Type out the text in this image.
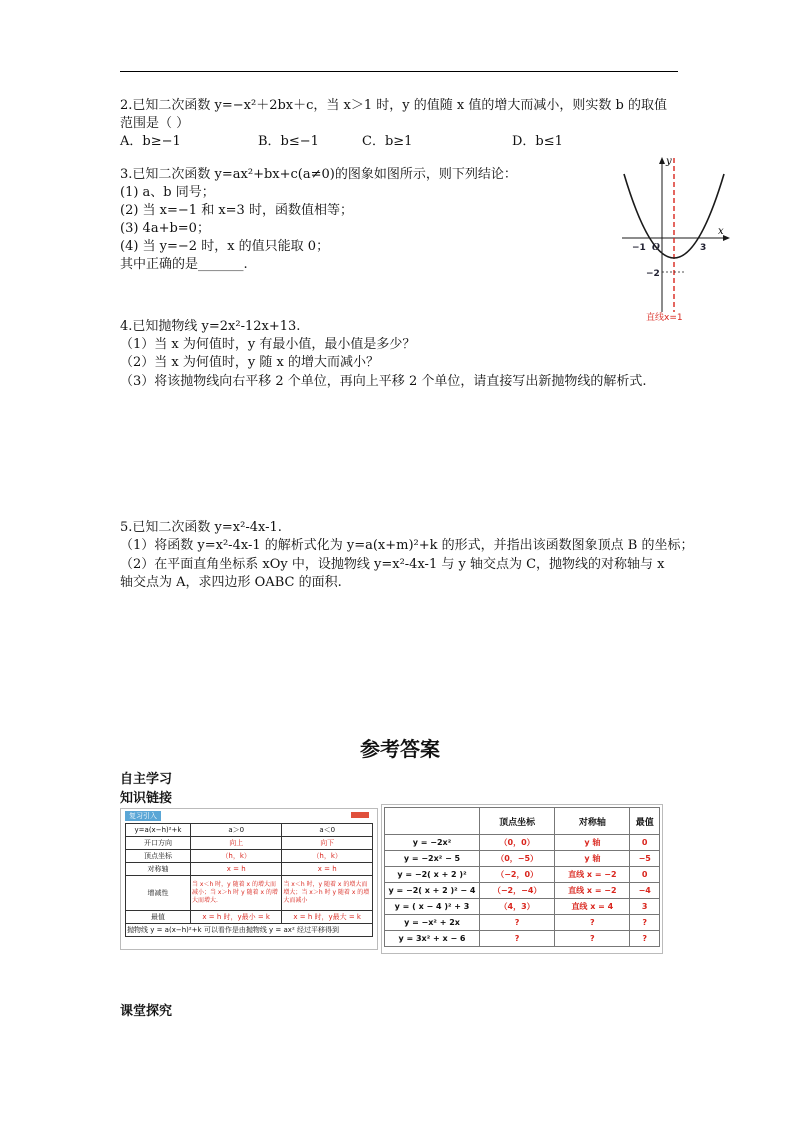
2.已知二次函数 y=−x²＋2bx＋c，当 x＞1 时，y 的值随 x 值的增大而减小，则实数 b 的取值
范围是（ ）
A．b≥−1	B．b≤−1	C．b≥1	D．b≤1
3.已知二次函数 y=ax²+bx+c(a≠0)的图象如图所示，则下列结论：
(1) a、b 同号；
(2) 当 x=−1 和 x=3 时，函数值相等；
(3) 4a+b=0；
(4) 当 y=−2 时，x 的值只能取 0；
其中正确的是_______.
x
y
O
−1	3
−2
直线x=1
4.已知抛物线 y=2x²-12x+13.
（1）当 x 为何值时，y 有最小值，最小值是多少？
（2）当 x 为何值时，y 随 x 的增大而减小？
（3）将该抛物线向右平移 2 个单位，再向上平移 2 个单位，请直接写出新抛物线的解析式.
5.已知二次函数 y=x²-4x-1.
（1）将函数 y=x²-4x-1 的解析式化为 y=a(x+m)²+k 的形式，并指出该函数图象顶点 B 的坐标；
（2）在平面直角坐标系 xOy 中，设抛物线 y=x²-4x-1 与 y 轴交点为 C，抛物线的对称轴与 x
轴交点为 A，求四边形 OABC 的面积.
参考答案
自主学习
知识链接
复习引入
y=a(x−h)²+k	a＞0	a＜0
开口方向	向上	向下
顶点坐标	（h，k）	（h，k）
对称轴	x = h	x = h
增减性	当 x＜h 时，y 随着 x 的增大而减小；当 x＞h 时 y 随着 x 的增大而增大.	当 x＜h 时，y 随着 x 的增大而增大；当 x＞h 时 y 随着 x 的增大而减小
最值	x = h 时，y最小 = k	x = h 时，y最大 = k
抛物线 y = a(x−h)²+k 可以看作是由抛物线 y = ax² 经过平移得到		
	顶点坐标	对称轴	最值
y = −2x²	（0，0）	y 轴	0
y = −2x² − 5	（0，−5）	y 轴	−5
y = −2( x + 2 )²	（−2，0）	直线 x = −2	0
y = −2( x + 2 )² − 4	（−2，−4）	直线 x = −2	−4
y = ( x − 4 )² + 3	（4，3）	直线 x = 4	3
y = −x² + 2x	?	?	?
y = 3x² + x − 6	?	?	?
课堂探究
